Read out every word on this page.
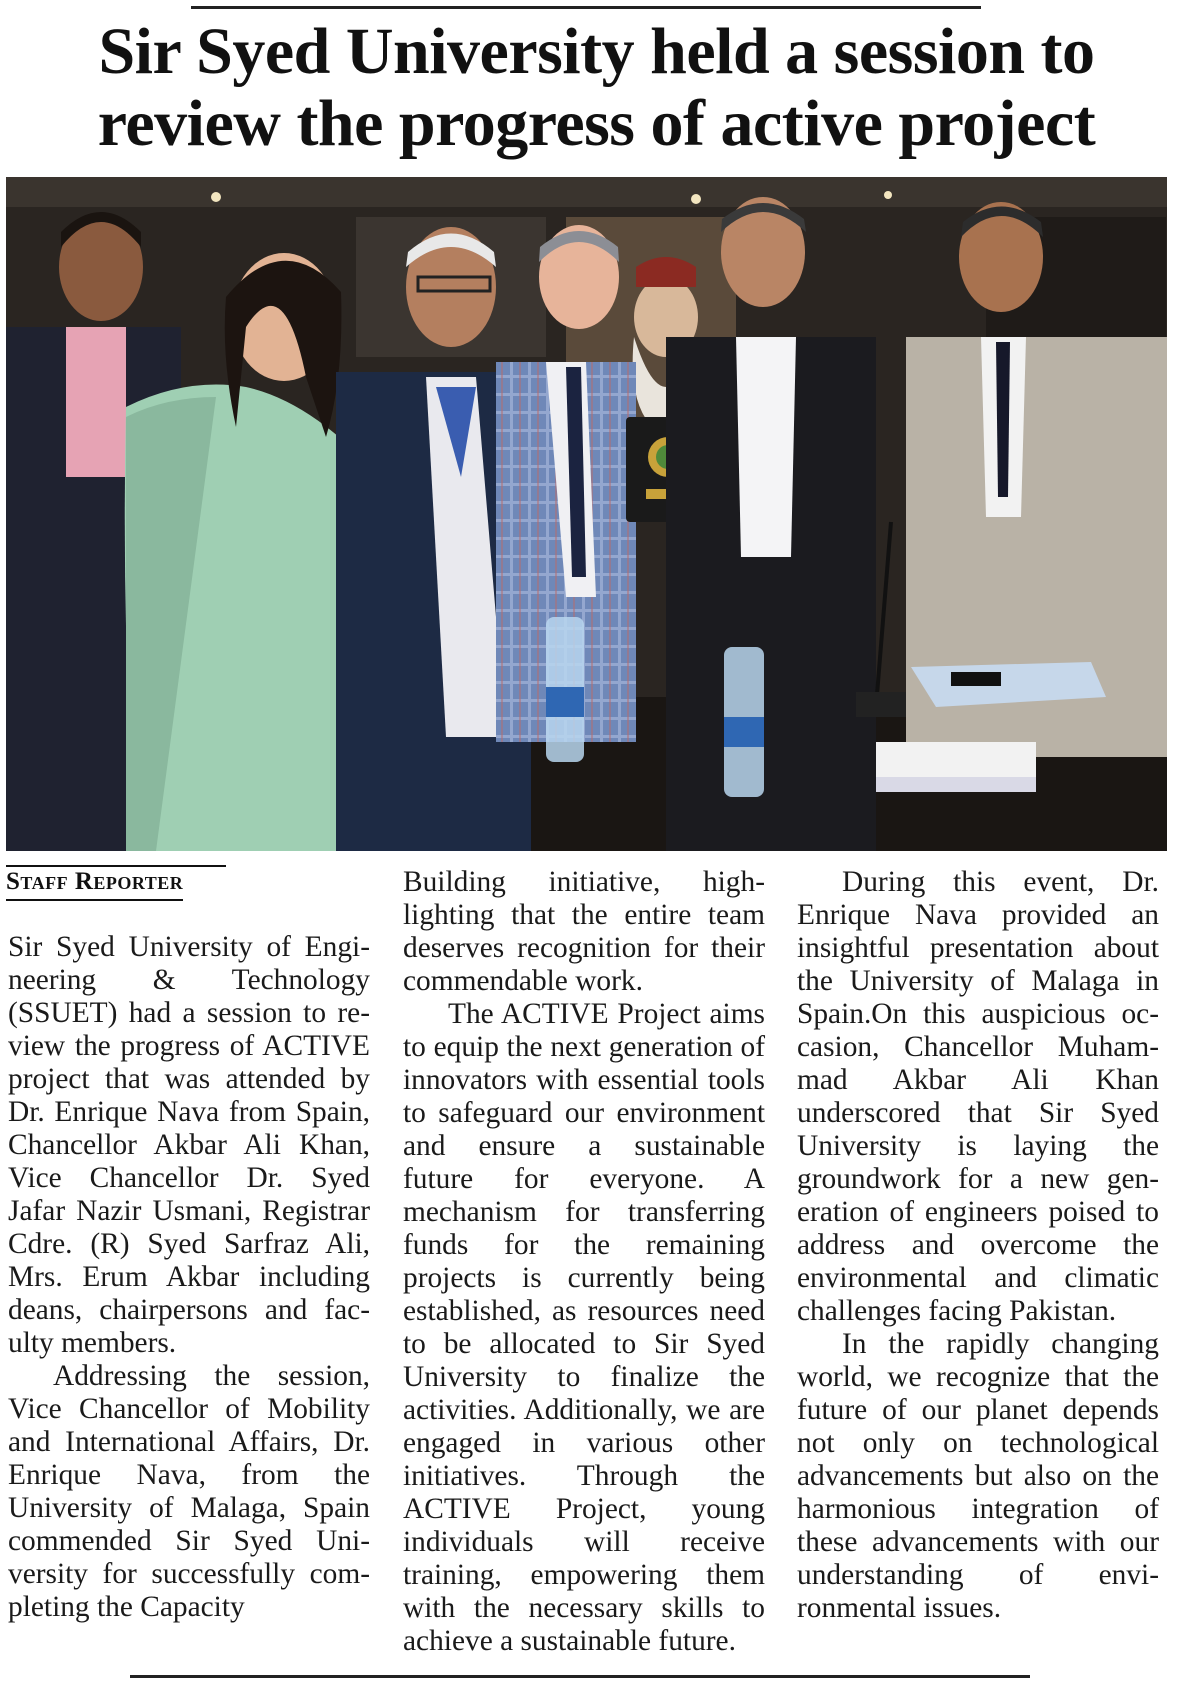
Sir Syed University held a session to review the progress of active project
Staff Reporter

Sir Syed University of Engineering & Technology (SSUET) had a session to review the progress of ACTIVE project that was attended by Dr. Enrique Nava from Spain, Chancellor Akbar Ali Khan, Vice Chancellor Dr. Syed Jafar Nazir Usmani, Registrar Cdre. (R) Syed Sarfraz Ali, Mrs. Erum Akbar including deans, chairpersons and faculty members.

Addressing the session, Vice Chancellor of Mobility and International Affairs, Dr. Enrique Nava, from the University of Malaga, Spain commended Sir Syed University for successfully completing the Capacity

Building initiative, highlighting that the entire team deserves recognition for their commendable work.

The ACTIVE Project aims to equip the next generation of innovators with essential tools to safeguard our environment and ensure a sustainable future for everyone. A mechanism for transferring funds for the remaining projects is currently being established, as resources need to be allocated to Sir Syed University to finalize the activities. Additionally, we are engaged in various other initiatives. Through the ACTIVE Project, young individuals will receive training, empowering them with the necessary skills to achieve a sustainable future.

During this event, Dr. Enrique Nava provided an insightful presentation about the University of Malaga in Spain.On this auspicious occasion, Chancellor Muhammad Akbar Ali Khan underscored that Sir Syed University is laying the groundwork for a new generation of engineers poised to address and overcome the environmental and climatic challenges facing Pakistan.

In the rapidly changing world, we recognize that the future of our planet depends not only on technological advancements but also on the harmonious integration of these advancements with our understanding of environmental issues.
